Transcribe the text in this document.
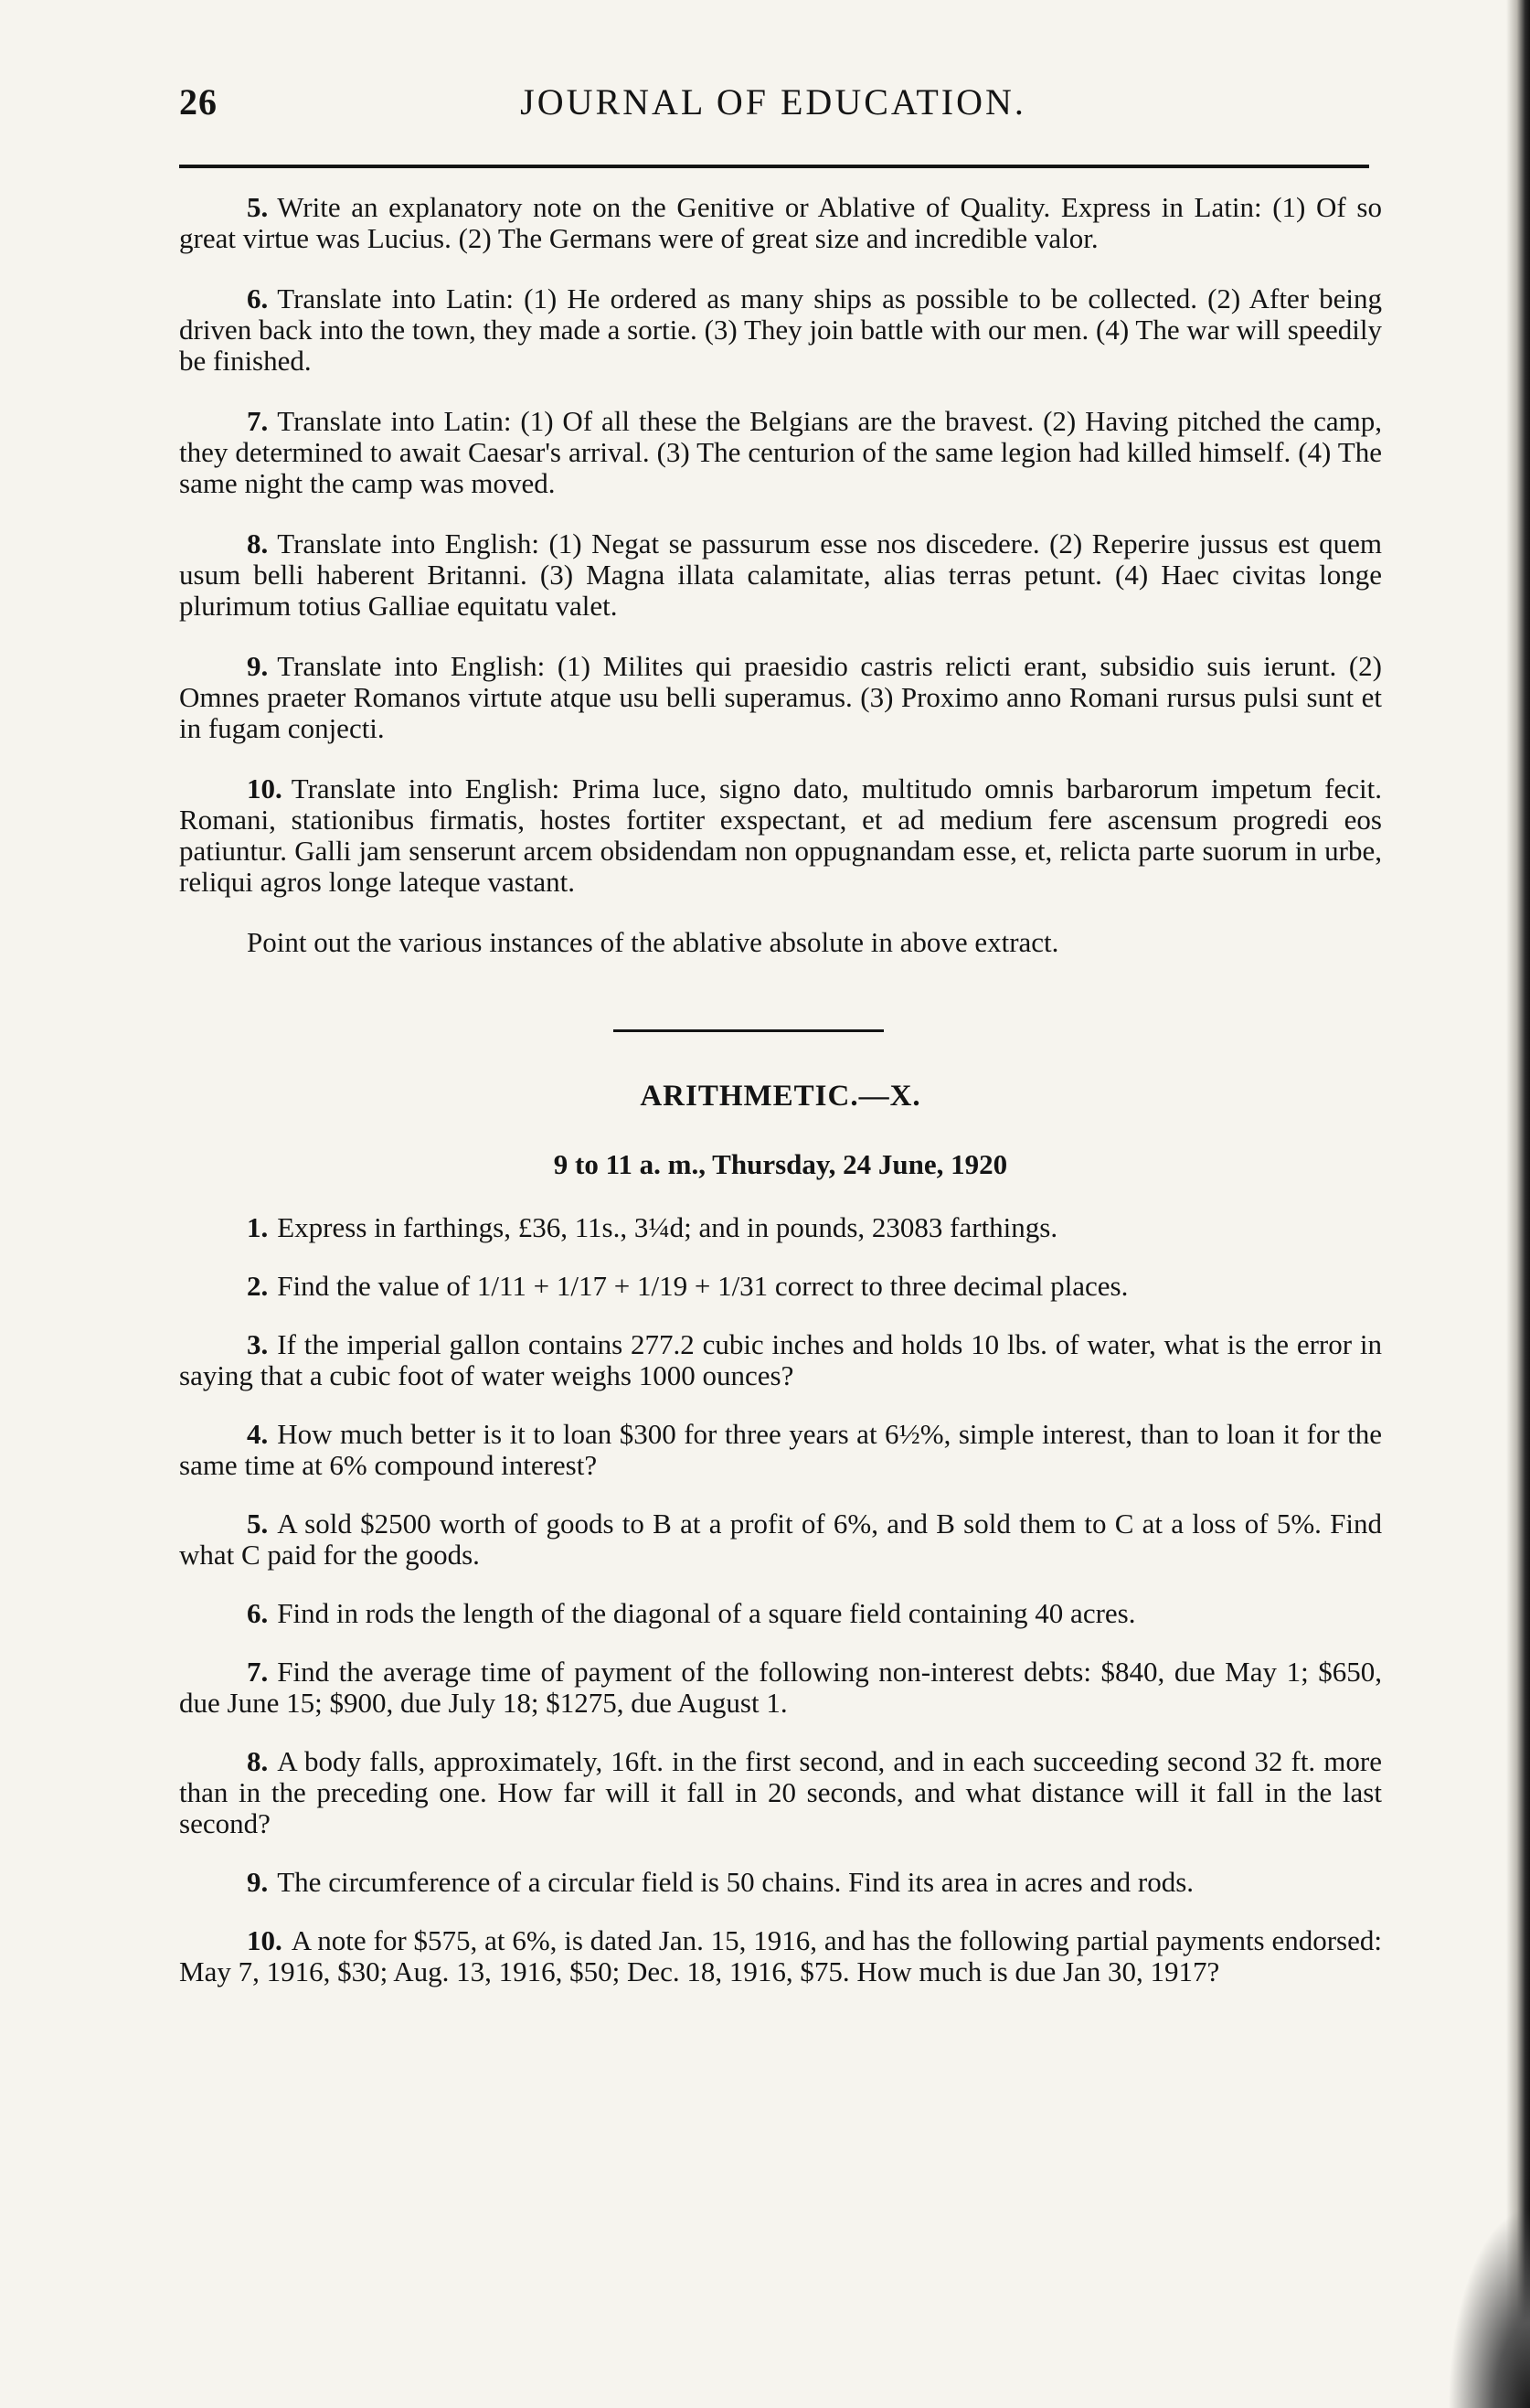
26	JOURNAL OF EDUCATION.

5. Write an explanatory note on the Genitive or Ablative of Quality. Express in Latin: (1) Of so great virtue was Lucius. (2) The Germans were of great size and incredible valor.

6. Translate into Latin: (1) He ordered as many ships as possible to be collected. (2) After being driven back into the town, they made a sortie. (3) They join battle with our men. (4) The war will speedily be finished.

7. Translate into Latin: (1) Of all these the Belgians are the bravest. (2) Having pitched the camp, they determined to await Caesar's arrival. (3) The centurion of the same legion had killed himself. (4) The same night the camp was moved.

8. Translate into English: (1) Negat se passurum esse nos discedere. (2) Reperire jussus est quem usum belli haberent Britanni. (3) Magna illata calamitate, alias terras petunt. (4) Haec civitas longe plurimum totius Galliae equitatu valet.

9. Translate into English: (1) Milites qui praesidio castris relicti erant, subsidio suis ierunt. (2) Omnes praeter Romanos virtute atque usu belli superamus. (3) Proximo anno Romani rursus pulsi sunt et in fugam conjecti.

10. Translate into English: Prima luce, signo dato, multitudo omnis barbarorum impetum fecit. Romani, stationibus firmatis, hostes fortiter exspectant, et ad medium fere ascensum progredi eos patiuntur. Galli jam senserunt arcem obsidendam non oppugnandam esse, et, relicta parte suorum in urbe, reliqui agros longe lateque vastant.

Point out the various instances of the ablative absolute in above extract.

ARITHMETIC.—X.
9 to 11 a. m., Thursday, 24 June, 1920

1. Express in farthings, £36, 11s., 3¼d; and in pounds, 23083 farthings.

2. Find the value of 1/11 + 1/17 + 1/19 + 1/31 correct to three decimal places.

3. If the imperial gallon contains 277.2 cubic inches and holds 10 lbs. of water, what is the error in saying that a cubic foot of water weighs 1000 ounces?

4. How much better is it to loan $300 for three years at 6½%, simple interest, than to loan it for the same time at 6% compound interest?

5. A sold $2500 worth of goods to B at a profit of 6%, and B sold them to C at a loss of 5%. Find what C paid for the goods.

6. Find in rods the length of the diagonal of a square field containing 40 acres.

7. Find the average time of payment of the following non-interest debts: $840, due May 1; $650, due June 15; $900, due July 18; $1275, due August 1.

8. A body falls, approximately, 16ft. in the first second, and in each succeeding second 32 ft. more than in the preceding one. How far will it fall in 20 seconds, and what distance will it fall in the last second?

9. The circumference of a circular field is 50 chains. Find its area in acres and rods.

10. A note for $575, at 6%, is dated Jan. 15, 1916, and has the following partial payments endorsed: May 7, 1916, $30; Aug. 13, 1916, $50; Dec. 18, 1916, $75. How much is due Jan 30, 1917?
